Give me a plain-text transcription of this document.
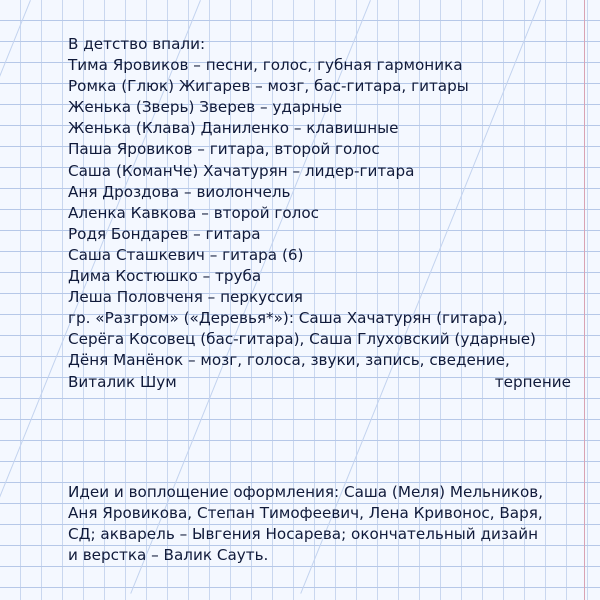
В детство впали:
Тима Яровиков – песни, голос, губная гармоника
Ромка (Глюк) Жигарев – мозг, бас-гитара, гитары
Женька (Зверь) Зверев – ударные
Женька (Клава) Даниленко – клавишные
Паша Яровиков – гитара, второй голос
Саша (КоманЧе) Хачатурян – лидер-гитара
Аня Дроздова – виолончель
Аленка Кавкова – второй голос
Родя Бондарев – гитара
Саша Сташкевич – гитара (6)
Дима Костюшко – труба
Леша Половченя – перкуссия
гр. «Разгром» («Деревья*»): Саша Хачатурян (гитара),
Серёга Косовец (бас-гитара), Саша Глуховский (ударные)
Дёня Манёнок – мозг, голоса, звуки, запись, сведение,
Виталик Шум	терпение
Идеи и воплощение оформления: Саша (Меля) Мельников,
Аня Яровикова, Степан Тимофеевич, Лена Кривонос, Варя,
СД; акварель – Ывгения Носарева; окончательный дизайн
и верстка – Валик Сауть.
